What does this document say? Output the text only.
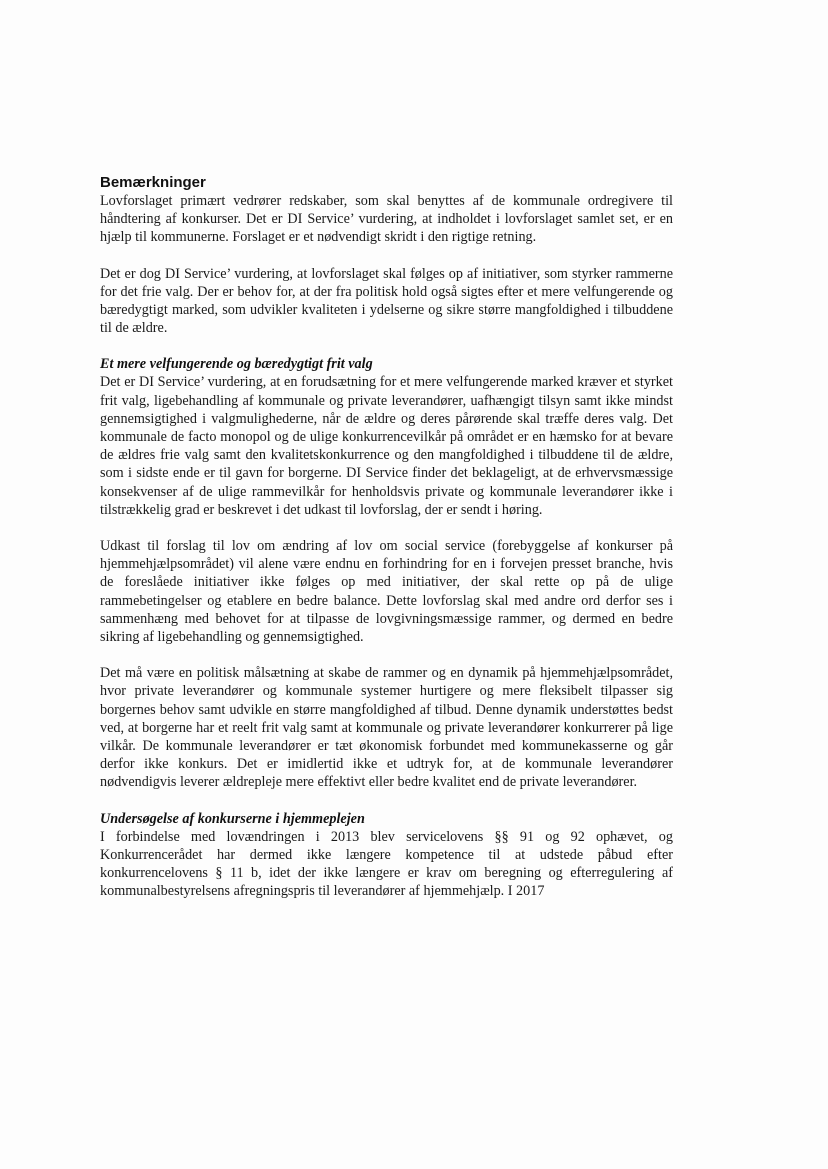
Bemærkninger

Lovforslaget primært vedrører redskaber, som skal benyttes af de kommunale ordregivere til håndtering af konkurser. Det er DI Service’ vurdering, at indholdet i lovforslaget samlet set, er en hjælp til kommunerne. Forslaget er et nødvendigt skridt i den rigtige retning.

Det er dog DI Service’ vurdering, at lovforslaget skal følges op af initiativer, som styrker rammerne for det frie valg. Der er behov for, at der fra politisk hold også sigtes efter et mere velfungerende og bæredygtigt marked, som udvikler kvaliteten i ydelserne og sikre større mangfoldighed i tilbuddene til de ældre.

Et mere velfungerende og bæredygtigt frit valg

Det er DI Service’ vurdering, at en forudsætning for et mere velfungerende marked kræver et styrket frit valg, ligebehandling af kommunale og private leverandører, uafhængigt tilsyn samt ikke mindst gennemsigtighed i valgmulighederne, når de ældre og deres pårørende skal træffe deres valg. Det kommunale de facto monopol og de ulige konkurrencevilkår på området er en hæmsko for at bevare de ældres frie valg samt den kvalitetskonkurrence og den mangfoldighed i tilbuddene til de ældre, som i sidste ende er til gavn for borgerne. DI Service finder det beklageligt, at de erhvervsmæssige konsekvenser af de ulige rammevilkår for henholdsvis private og kommunale leverandører ikke i tilstrækkelig grad er beskrevet i det udkast til lovforslag, der er sendt i høring.

Udkast til forslag til lov om ændring af lov om social service (forebyggelse af konkurser på hjemmehjælpsområdet) vil alene være endnu en forhindring for en i forvejen presset branche, hvis de foreslåede initiativer ikke følges op med initiativer, der skal rette op på de ulige rammebetingelser og etablere en bedre balance. Dette lovforslag skal med andre ord derfor ses i sammenhæng med behovet for at tilpasse de lovgivningsmæssige rammer, og dermed en bedre sikring af ligebehandling og gennemsigtighed.

Det må være en politisk målsætning at skabe de rammer og en dynamik på hjemmehjælpsområdet, hvor private leverandører og kommunale systemer hurtigere og mere fleksibelt tilpasser sig borgernes behov samt udvikle en større mangfoldighed af tilbud. Denne dynamik understøttes bedst ved, at borgerne har et reelt frit valg samt at kommunale og private leverandører konkurrerer på lige vilkår. De kommunale leverandører er tæt økonomisk forbundet med kommunekasserne og går derfor ikke konkurs. Det er imidlertid ikke et udtryk for, at de kommunale leverandører nødvendigvis leverer ældrepleje mere effektivt eller bedre kvalitet end de private leverandører.

Undersøgelse af konkurserne i hjemmeplejen

I forbindelse med lovændringen i 2013 blev servicelovens §§ 91 og 92 ophævet, og Konkurrencerådet har dermed ikke længere kompetence til at udstede påbud efter konkurrencelovens § 11 b, idet der ikke længere er krav om beregning og efterregulering af kommunalbestyrelsens afregningspris til leverandører af hjemmehjælp. I 2017
